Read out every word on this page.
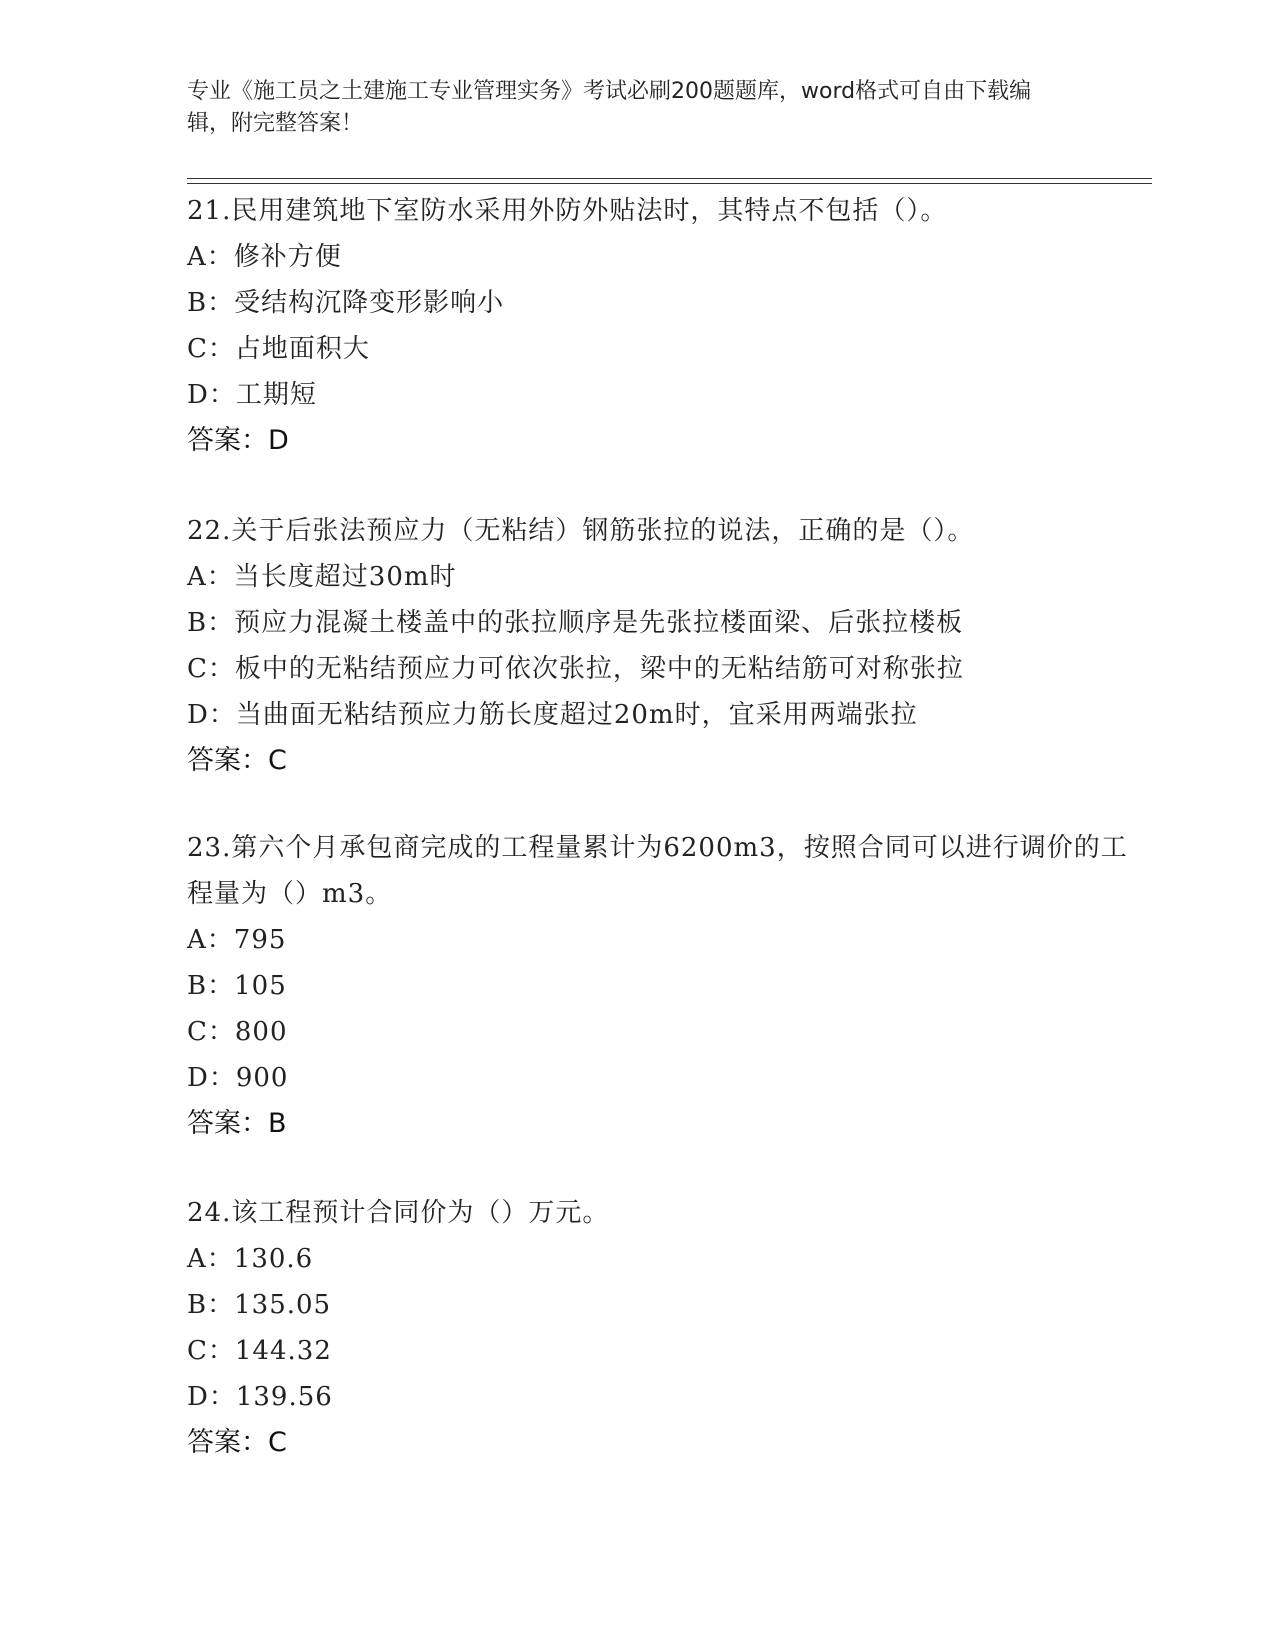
专业《施工员之土建施工专业管理实务》考试必刷200题题库，word格式可自由下载编辑，附完整答案！
21.民用建筑地下室防水采用外防外贴法时，其特点不包括（）。
A：修补方便
B：受结构沉降变形影响小
C：占地面积大
D：工期短
答案：D
22.关于后张法预应力（无粘结）钢筋张拉的说法，正确的是（）。
A：当长度超过30m时
B：预应力混凝土楼盖中的张拉顺序是先张拉楼面梁、后张拉楼板
C：板中的无粘结预应力可依次张拉，梁中的无粘结筋可对称张拉
D：当曲面无粘结预应力筋长度超过20m时，宜采用两端张拉
答案：C
23.第六个月承包商完成的工程量累计为6200m3，按照合同可以进行调价的工程量为（）m3。
A：795
B：105
C：800
D：900
答案：B
24.该工程预计合同价为（）万元。
A：130.6
B：135.05
C：144.32
D：139.56
答案：C
